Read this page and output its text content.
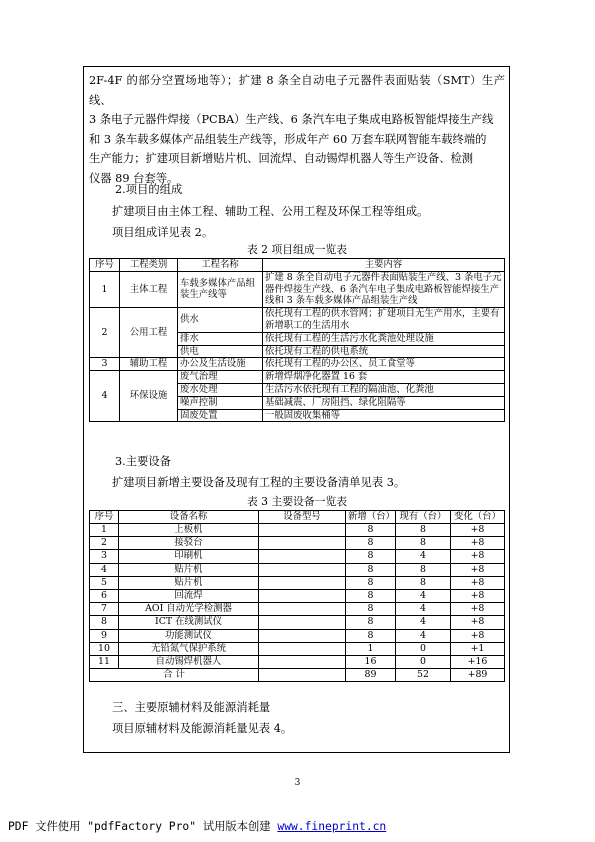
2F-4F 的部分空置场地等）；扩建 8 条全自动电子元器件表面贴装（SMT）生产线、
3 条电子元器件焊接（PCBA）生产线、6 条汽车电子集成电路板智能焊接生产线
和 3 条车载多媒体产品组装生产线等，形成年产 60 万套车联网智能车载终端的
生产能力；扩建项目新增贴片机、回流焊、自动锡焊机器人等生产设备、检测
仪器 89 台套等。
2.项目的组成
扩建项目由主体工程、辅助工程、公用工程及环保工程等组成。
项目组成详见表 2。
表 2 项目组成一览表
序号	工程类别	工程名称	主要内容
1	主体工程	车载多媒体产品组装生产线等	扩建 8 条全自动电子元器件表面贴装生产线、3 条电子元器件焊接生产线、6 条汽车电子集成电路板智能焊接生产线和 3 条车载多媒体产品组装生产线
2	公用工程	供水	依托现有工程的供水管网；扩建项目无生产用水，主要有新增职工的生活用水
		排水	依托现有工程的生活污水化粪池处理设施
		供电	依托现有工程的供电系统
3	辅助工程	办公及生活设施	依托现有工程的办公区、员工食堂等
4	环保设施	废气治理	新增焊烟净化器置 16 套
		废水处理	生活污水依托现有工程的隔油池、化粪池
		噪声控制	基础减震、厂房阻挡、绿化阻隔等
		固废处置	一般固废收集桶等
3.主要设备
扩建项目新增主要设备及现有工程的主要设备清单见表 3。
表 3 主要设备一览表
序号	设备名称	设备型号	新增（台）	现有（台）	变化（台）
1	上板机		8	8	+8
2	接驳台		8	8	+8
3	印刷机		8	4	+8
4	贴片机		8	8	+8
5	贴片机		8	8	+8
6	回流焊		8	4	+8
7	AOI 自动光学检测器		8	4	+8
8	ICT 在线测试仪		8	4	+8
9	功能测试仪		8	4	+8
10	无铅氮气保护系统		1	0	+1
11	自动锡焊机器人		16	0	+16
合 计			89	52	+89
三、主要原辅材料及能源消耗量
项目原辅材料及能源消耗量见表 4。
3
PDF 文件使用 "pdfFactory Pro" 试用版本创建 www.fineprint.cn
